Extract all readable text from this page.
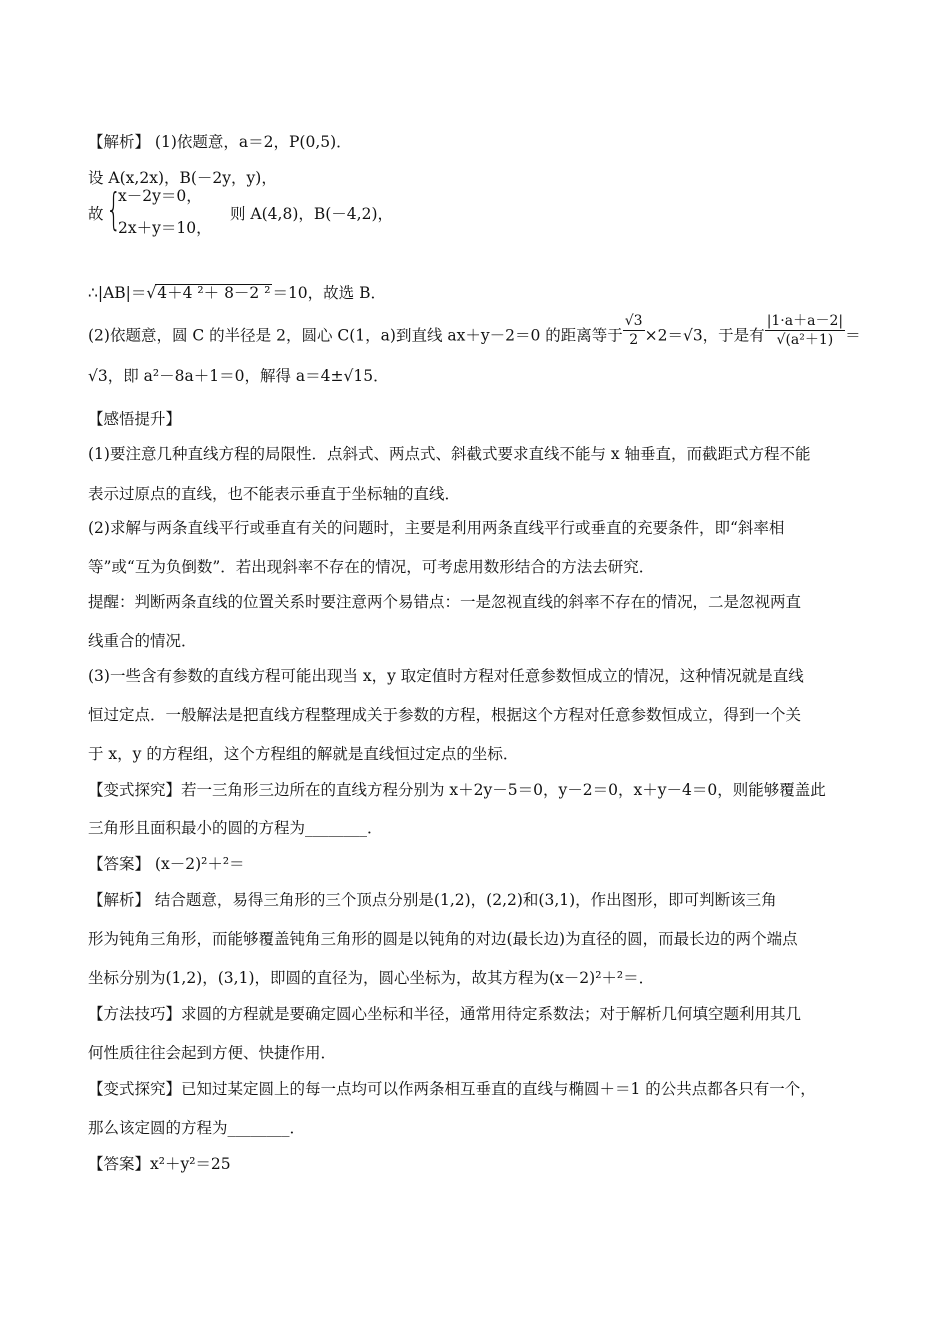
【解析】 (1)依题意，a＝2，P(0,5)．
设 A(x,2x)，B(－2y，y)，
故 {
x－2y＝0，
2x＋y＝10，
则 A(4,8)，B(－4,2)，
∴|AB|＝√4＋4 ²＋ 8－2 ² ＝10，故选 B．
(2)依题意，圆 C 的半径是 2，圆心 C(1，a)到直线 ax＋y－2＝0 的距离等于 $\frac{√3}{2} \times 2=√3$，于是有 $\frac{|1\cdot a+a-2|}{\text{√(a²＋1)}}$ ＝
√3，即 a²－8a＋1＝0，解得 a＝4±√15．
【感悟提升】
(1)要注意几种直线方程的局限性．点斜式、两点式、斜截式要求直线不能与 x 轴垂直，而截距式方程不能
表示过原点的直线，也不能表示垂直于坐标轴的直线．
(2)求解与两条直线平行或垂直有关的问题时，主要是利用两条直线平行或垂直的充要条件，即“斜率相
等”或“互为负倒数”．若出现斜率不存在的情况，可考虑用数形结合的方法去研究．
提醒：判断两条直线的位置关系时要注意两个易错点：一是忽视直线的斜率不存在的情况，二是忽视两直
线重合的情况．
(3)一些含有参数的直线方程可能出现当 x，y 取定值时方程对任意参数恒成立的情况，这种情况就是直线
恒过定点．一般解法是把直线方程整理成关于参数的方程，根据这个方程对任意参数恒成立，得到一个关
于 x，y 的方程组，这个方程组的解就是直线恒过定点的坐标．
【变式探究】若一三角形三边所在的直线方程分别为 x＋2y－5＝0，y－2＝0，x＋y－4＝0，则能够覆盖此
三角形且面积最小的圆的方程为________．
【答案】 (x－2)²＋²＝
【解析】 结合题意，易得三角形的三个顶点分别是(1,2)，(2,2)和(3,1)，作出图形，即可判断该三角
形为钝角三角形，而能够覆盖钝角三角形的圆是以钝角的对边(最长边)为直径的圆，而最长边的两个端点
坐标分别为(1,2)，(3,1)，即圆的直径为，圆心坐标为，故其方程为(x－2)²＋²＝．
【方法技巧】求圆的方程就是要确定圆心坐标和半径，通常用待定系数法；对于解析几何填空题利用其几
何性质往往会起到方便、快捷作用．
【变式探究】已知过某定圆上的每一点均可以作两条相互垂直的直线与椭圆＋＝1 的公共点都各只有一个，
那么该定圆的方程为________．
【答案】x²＋y²＝25
